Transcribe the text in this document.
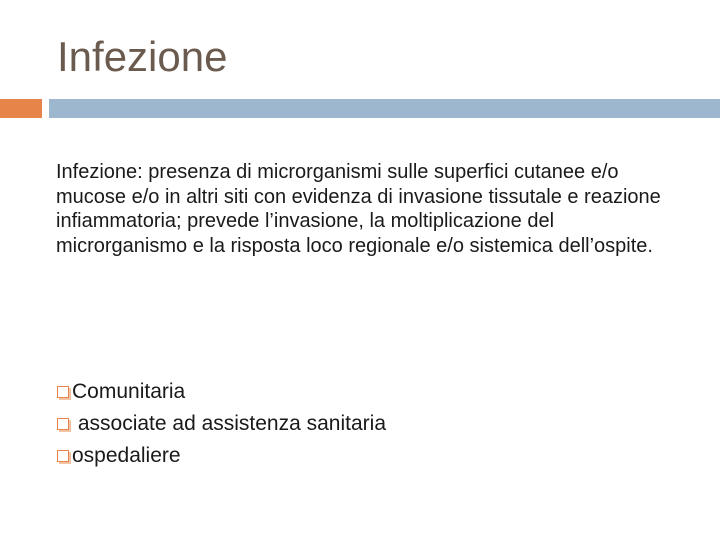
Infezione
Infezione: presenza di microrganismi sulle superfici cutanee e/o mucose e/o in altri siti con evidenza di invasione tissutale e reazione infiammatoria; prevede l’invasione, la moltiplicazione del microrganismo e la risposta loco regionale e/o sistemica dell’ospite.
Comunitaria
associate ad assistenza sanitaria
ospedaliere
